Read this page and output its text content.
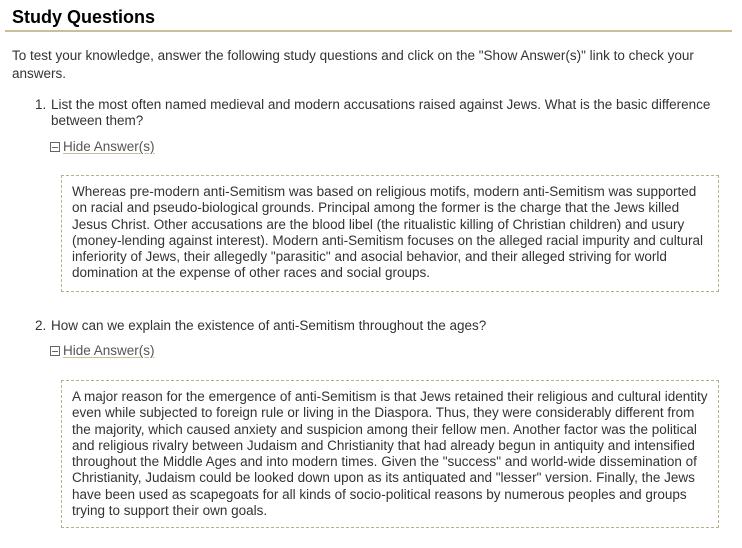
Study Questions
To test your knowledge, answer the following study questions and click on the "Show Answer(s)" link to check your answers.
1. List the most often named medieval and modern accusations raised against Jews. What is the basic difference between them?
Hide Answer(s)
Whereas pre-modern anti-Semitism was based on religious motifs, modern anti-Semitism was supported on racial and pseudo-biological grounds. Principal among the former is the charge that the Jews killed Jesus Christ. Other accusations are the blood libel (the ritualistic killing of Christian children) and usury (money-lending against interest). Modern anti-Semitism focuses on the alleged racial impurity and cultural inferiority of Jews, their allegedly "parasitic" and asocial behavior, and their alleged striving for world domination at the expense of other races and social groups.
2. How can we explain the existence of anti-Semitism throughout the ages?
Hide Answer(s)
A major reason for the emergence of anti-Semitism is that Jews retained their religious and cultural identity even while subjected to foreign rule or living in the Diaspora. Thus, they were considerably different from the majority, which caused anxiety and suspicion among their fellow men. Another factor was the political and religious rivalry between Judaism and Christianity that had already begun in antiquity and intensified throughout the Middle Ages and into modern times. Given the "success" and world-wide dissemination of Christianity, Judaism could be looked down upon as its antiquated and "lesser" version. Finally, the Jews have been used as scapegoats for all kinds of socio-political reasons by numerous peoples and groups trying to support their own goals.
